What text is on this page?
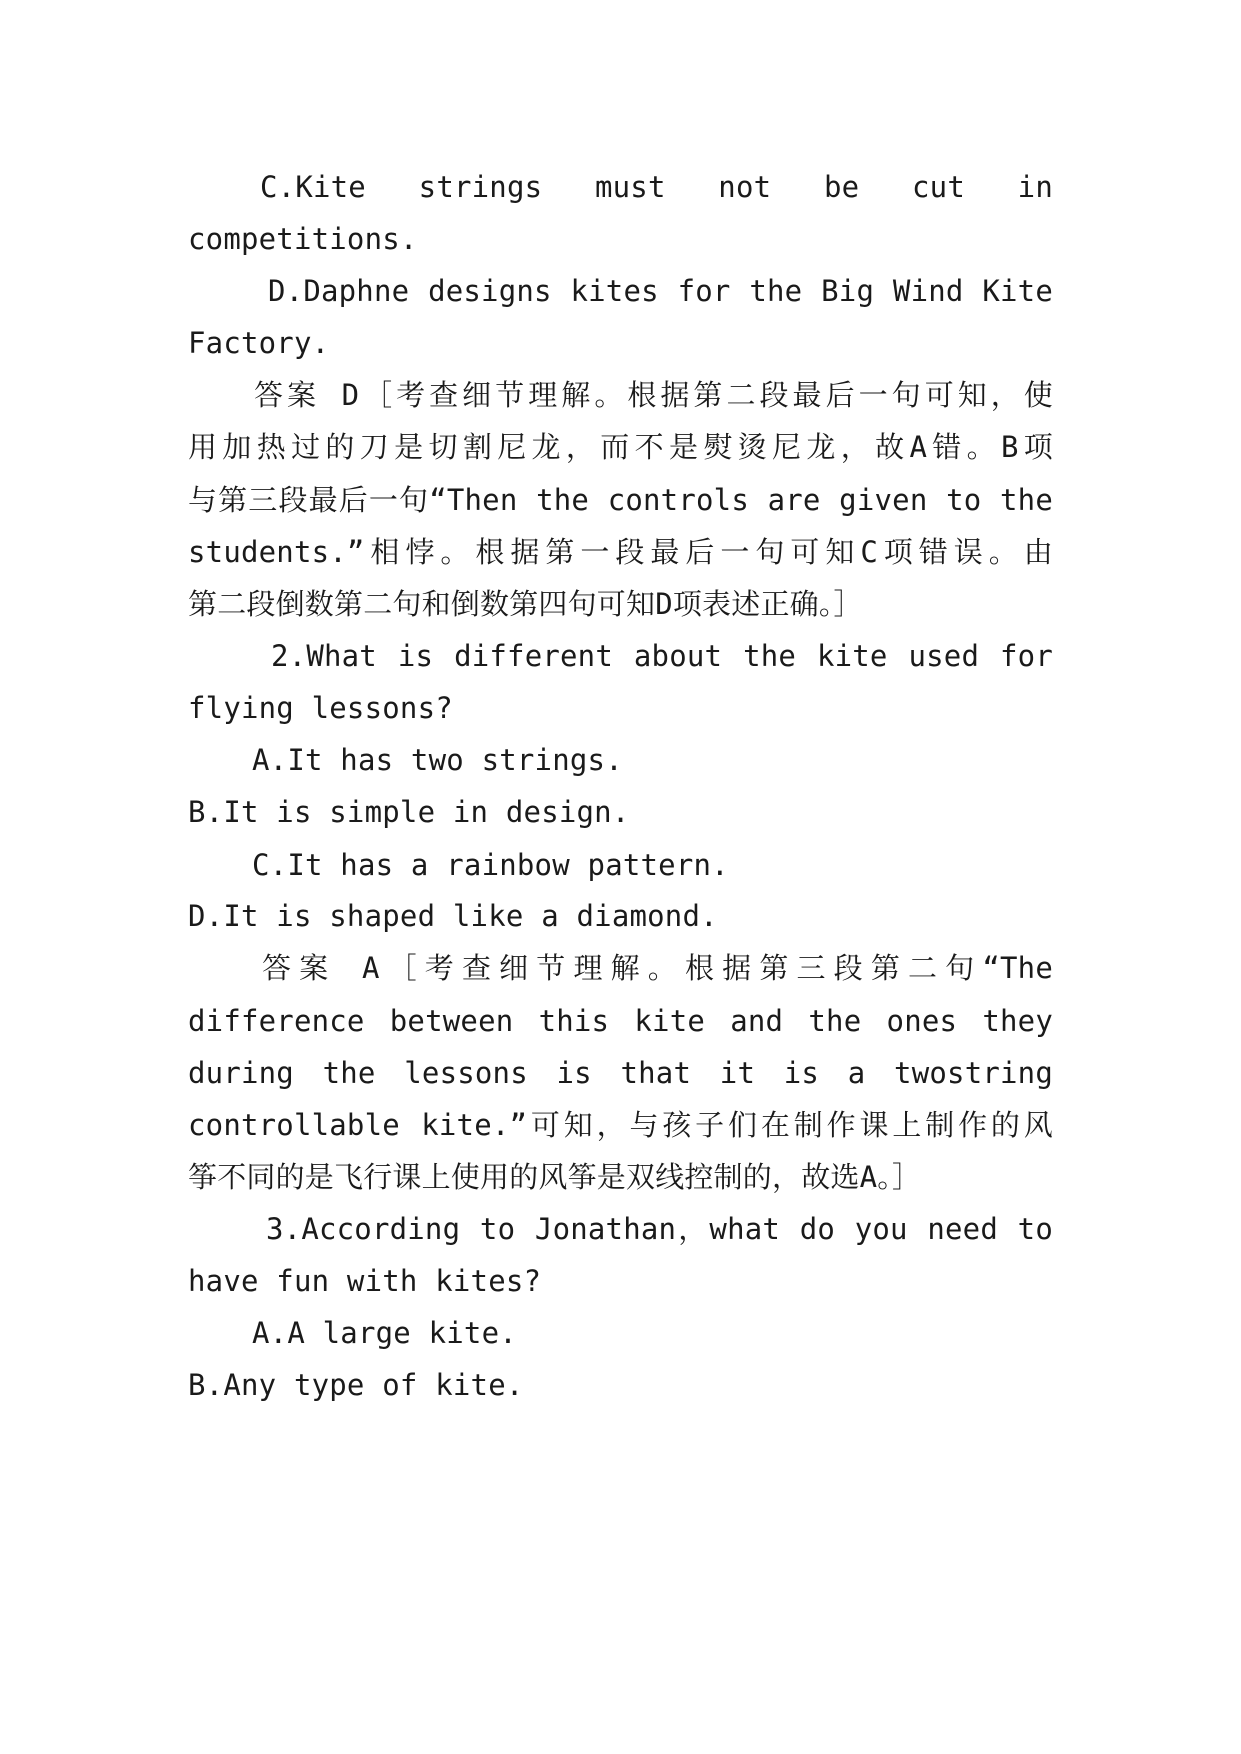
C.Kite strings must not be cut in
competitions.
D.Daphne designs kites for the Big Wind Kite
Factory.
答案 D［考查细节理解。根据第二段最后一句可知，使
用加热过的刀是切割尼龙，而不是熨烫尼龙，故A错。B项
与第三段最后一句“Then the controls are given to the
students.”相悖。根据第一段最后一句可知C项错误。由
第二段倒数第二句和倒数第四句可知D项表述正确。］
2.What is different about the kite used for
flying lessons?
A.It has two strings.
B.It is simple in design.
C.It has a rainbow pattern.
D.It is shaped like a diamond.
答案 A［考查细节理解。根据第三段第二句“The
difference between this kite and the ones they
during the lessons is that it is a twostring
controllable kite.”可知，与孩子们在制作课上制作的风
筝不同的是飞行课上使用的风筝是双线控制的，故选A。］
3.According to Jonathan，what do you need to
have fun with kites?
A.A large kite.
B.Any type of kite.
